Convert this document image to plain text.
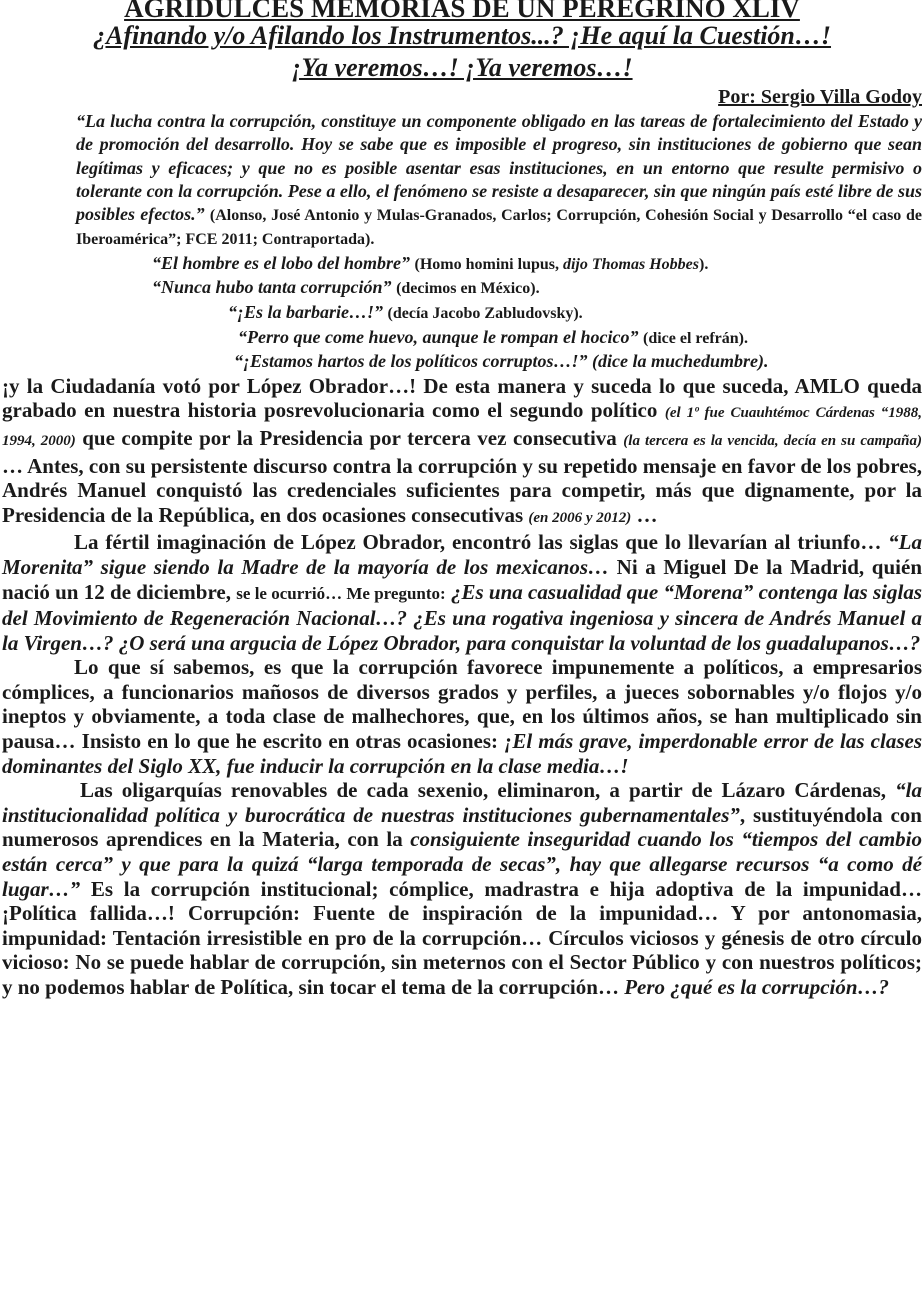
AGRIDULCES MEMORIAS DE UN PEREGRINO XLIV
¿Afinando y/o Afilando los Instrumentos...? ¡He aquí la Cuestión…!
¡Ya veremos…! ¡Ya veremos…!
Por: Sergio Villa Godoy
“La lucha contra la corrupción, constituye un componente obligado en las tareas de fortalecimiento del Estado y de promoción del desarrollo. Hoy se sabe que es imposible el progreso, sin instituciones de gobierno que sean legítimas y eficaces; y que no es posible asentar esas instituciones, en un entorno que resulte permisivo o tolerante con la corrupción. Pese a ello, el fenómeno se resiste a desaparecer, sin que ningún país esté libre de sus posibles efectos.” (Alonso, José Antonio y Mulas-Granados, Carlos; Corrupción, Cohesión Social y Desarrollo “el caso de Iberoamérica”; FCE 2011; Contraportada).
“El hombre es el lobo del hombre” (Homo homini lupus, dijo Thomas Hobbes).
“Nunca hubo tanta corrupción” (decimos en México).
“¡Es la barbarie…!” (decía Jacobo Zabludovsky).
“Perro que come huevo, aunque le rompan el hocico” (dice el refrán).
“¡Estamos hartos de los políticos corruptos…!” (dice la muchedumbre).

¡y la Ciudadanía votó por López Obrador…! De esta manera y suceda lo que suceda, AMLO queda grabado en nuestra historia posrevolucionaria como el segundo político (el 1º fue Cuauhtémoc Cárdenas “1988, 1994, 2000) que compite por la Presidencia por tercera vez consecutiva (la tercera es la vencida, decía en su campaña) … Antes, con su persistente discurso contra la corrupción y su repetido mensaje en favor de los pobres, Andrés Manuel conquistó las credenciales suficientes para competir, más que dignamente, por la Presidencia de la República, en dos ocasiones consecutivas (en 2006 y 2012) …

La fértil imaginación de López Obrador, encontró las siglas que lo llevarían al triunfo… “La Morenita” sigue siendo la Madre de la mayoría de los mexicanos… Ni a Miguel De la Madrid, quién nació un 12 de diciembre, se le ocurrió… Me pregunto: ¿Es una casualidad que “Morena” contenga las siglas del Movimiento de Regeneración Nacional…? ¿Es una rogativa ingeniosa y sincera de Andrés Manuel a la Virgen…? ¿O será una argucia de López Obrador, para conquistar la voluntad de los guadalupanos…?

Lo que sí sabemos, es que la corrupción favorece impunemente a políticos, a empresarios cómplices, a funcionarios mañosos de diversos grados y perfiles, a jueces sobornables y/o flojos y/o ineptos y obviamente, a toda clase de malhechores, que, en los últimos años, se han multiplicado sin pausa… Insisto en lo que he escrito en otras ocasiones: ¡El más grave, imperdonable error de las clases dominantes del Siglo XX, fue inducir la corrupción en la clase media…!

Las oligarquías renovables de cada sexenio, eliminaron, a partir de Lázaro Cárdenas, “la institucionalidad política y burocrática de nuestras instituciones gubernamentales”, sustituyéndola con numerosos aprendices en la Materia, con la consiguiente inseguridad cuando los “tiempos del cambio están cerca” y que para la quizá “larga temporada de secas”, hay que allegarse recursos “a como dé lugar…” Es la corrupción institucional; cómplice, madrastra e hija adoptiva de la impunidad… ¡Política fallida…! Corrupción: Fuente de inspiración de la impunidad… Y por antonomasia, impunidad: Tentación irresistible en pro de la corrupción… Círculos viciosos y génesis de otro círculo vicioso: No se puede hablar de corrupción, sin meternos con el Sector Público y con nuestros políticos; y no podemos hablar de Política, sin tocar el tema de la corrupción… Pero ¿qué es la corrupción…?
